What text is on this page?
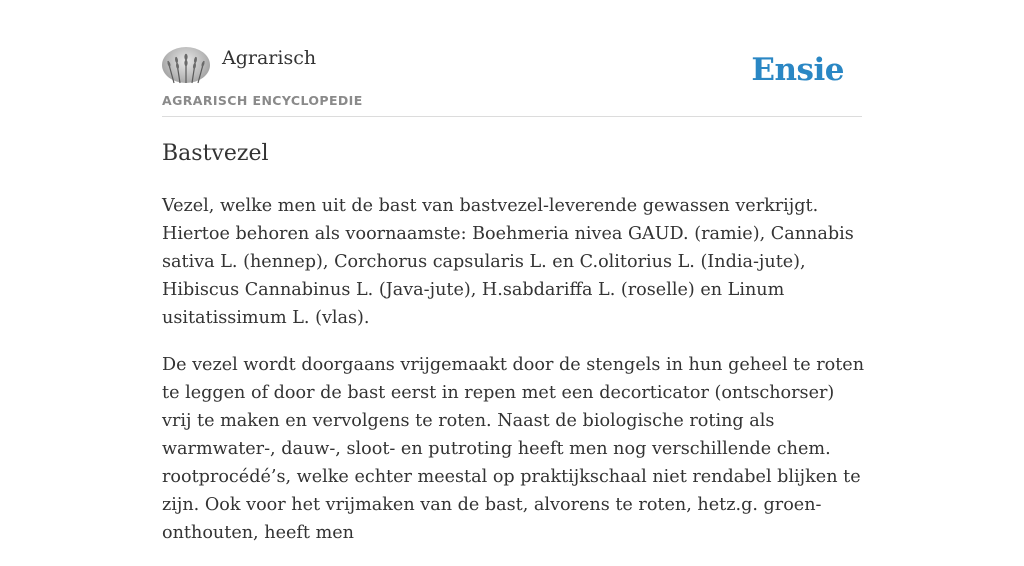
Agrarisch
AGRARISCH ENCYCLOPEDIE
Ensie
Bastvezel

Vezel, welke men uit de bast van bastvezel-leverende gewassen verkrijgt. Hiertoe behoren als voornaamste: Boehmeria nivea GAUD. (ramie), Cannabis sativa L. (hennep), Corchorus capsularis L. en C.olitorius L. (India-jute), Hibiscus Cannabinus L. (Java-jute), H.sabdariffa L. (roselle) en Linum usitatissimum L. (vlas).

De vezel wordt doorgaans vrijgemaakt door de stengels in hun geheel te roten te leggen of door de bast eerst in repen met een decorticator (ontschorser) vrij te maken en vervolgens te roten. Naast de biologische roting als warmwater-, dauw-, sloot- en putroting heeft men nog verschillende chem. rootprocédé’s, welke echter meestal op praktijkschaal niet rendabel blijken te zijn. Ook voor het vrijmaken van de bast, alvorens te roten, hetz.g. groen-onthouten, heeft men
